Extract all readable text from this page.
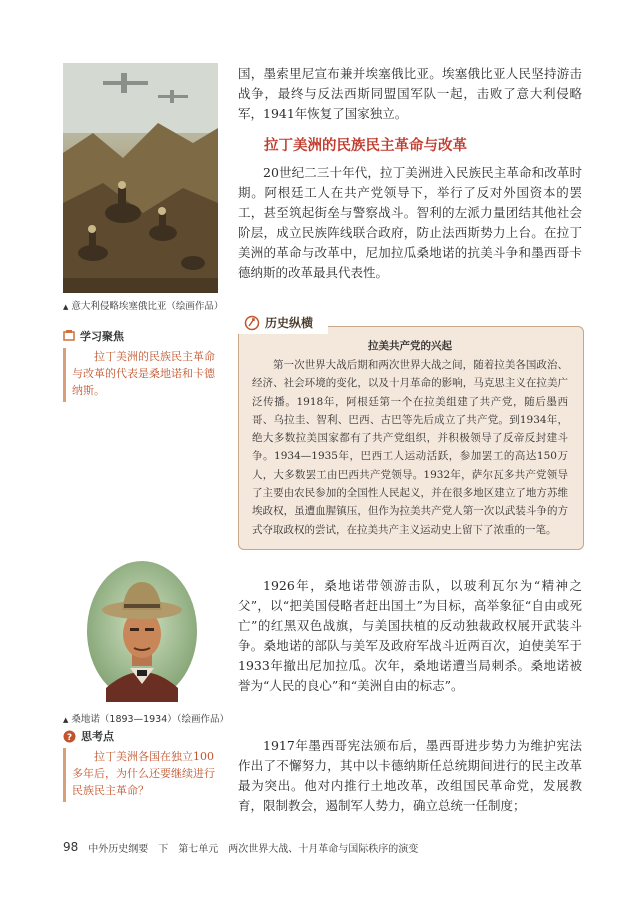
▲ 意大利侵略埃塞俄比亚（绘画作品）
国，墨索里尼宣布兼并埃塞俄比亚。埃塞俄比亚人民坚持游击战争，最终与反法西斯同盟国军队一起，击败了意大利侵略军，1941年恢复了国家独立。
拉丁美洲的民族民主革命与改革
20世纪二三十年代，拉丁美洲进入民族民主革命和改革时期。阿根廷工人在共产党领导下，举行了反对外国资本的罢工，甚至筑起街垒与警察战斗。智利的左派力量团结其他社会阶层，成立民族阵线联合政府，防止法西斯势力上台。在拉丁美洲的革命与改革中，尼加拉瓜桑地诺的抗美斗争和墨西哥卡德纳斯的改革最具代表性。
学习聚焦
拉丁美洲的民族民主革命与改革的代表是桑地诺和卡德纳斯。
历史纵横
拉美共产党的兴起
第一次世界大战后期和两次世界大战之间，随着拉美各国政治、经济、社会环境的变化，以及十月革命的影响，马克思主义在拉美广泛传播。1918年，阿根廷第一个在拉美组建了共产党，随后墨西哥、乌拉圭、智利、巴西、古巴等先后成立了共产党。到1934年，绝大多数拉美国家都有了共产党组织，并积极领导了反帝反封建斗争。1934—1935年，巴西工人运动活跃，参加罢工的高达150万人，大多数罢工由巴西共产党领导。1932年，萨尔瓦多共产党领导了主要由农民参加的全国性人民起义，并在很多地区建立了地方苏维埃政权，虽遭血腥镇压，但作为拉美共产党人第一次以武装斗争的方式夺取政权的尝试，在拉美共产主义运动史上留下了浓重的一笔。
▲ 桑地诺（1893—1934）（绘画作品）
? 思考点
拉丁美洲各国在独立100多年后，为什么还要继续进行民族民主革命？
1926年，桑地诺带领游击队，以玻利瓦尔为“精神之父”，以“把美国侵略者赶出国土”为目标，高举象征“自由或死亡”的红黑双色战旗，与美国扶植的反动独裁政权展开武装斗争。桑地诺的部队与美军及政府军战斗近两百次，迫使美军于1933年撤出尼加拉瓜。次年，桑地诺遭当局刺杀。桑地诺被誉为“人民的良心”和“美洲自由的标志”。
1917年墨西哥宪法颁布后，墨西哥进步势力为维护宪法作出了不懈努力，其中以卡德纳斯任总统期间进行的民主改革最为突出。他对内推行土地改革，改组国民革命党，发展教育，限制教会，遏制军人势力，确立总统一任制度；
98 中外历史纲要　下 第七单元　两次世界大战、十月革命与国际秩序的演变
